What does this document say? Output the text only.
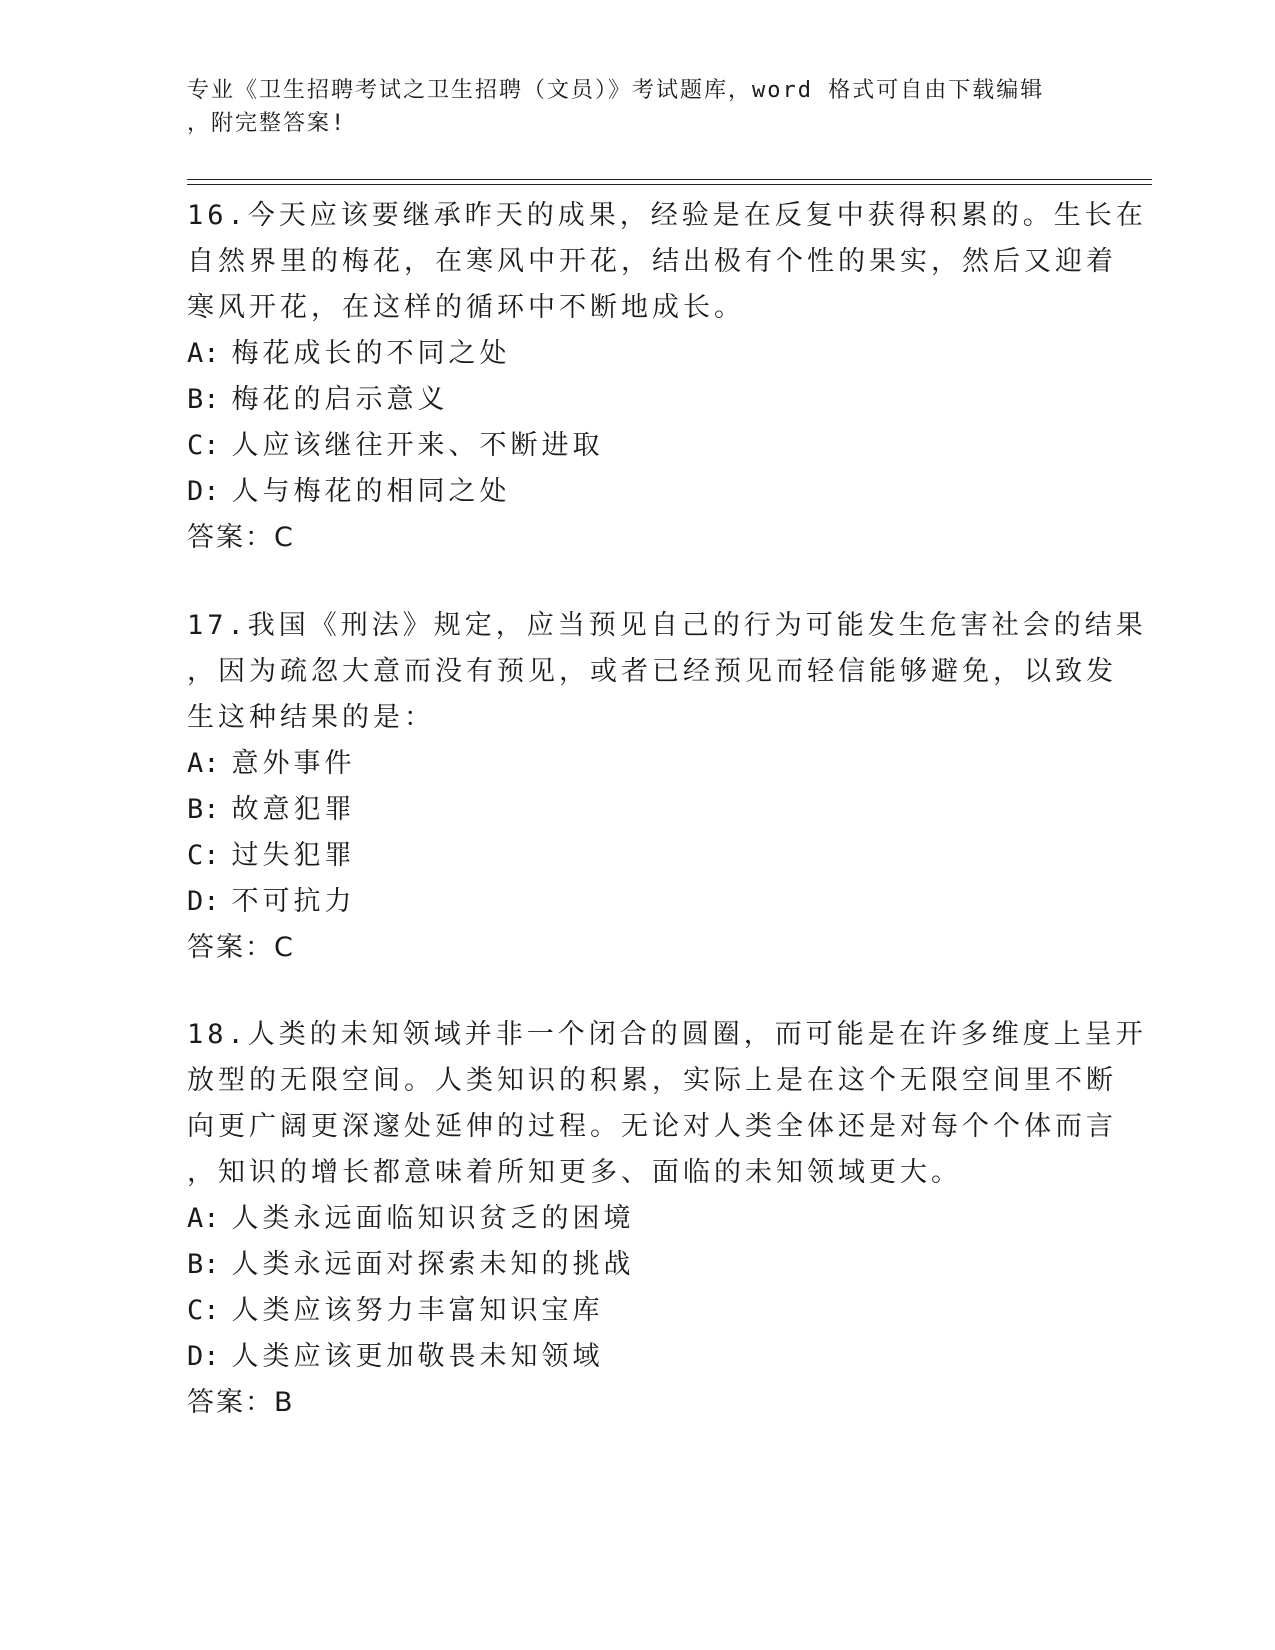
专业《卫生招聘考试之卫生招聘（文员）》考试题库，word 格式可自由下载编辑
，附完整答案!
16.今天应该要继承昨天的成果，经验是在反复中获得积累的。生长在
自然界里的梅花，在寒风中开花，结出极有个性的果实，然后又迎着
寒风开花，在这样的循环中不断地成长。
A: 梅花成长的不同之处
B: 梅花的启示意义
C: 人应该继往开来、不断进取
D: 人与梅花的相同之处
答案：C
17.我国《刑法》规定，应当预见自己的行为可能发生危害社会的结果
，因为疏忽大意而没有预见，或者已经预见而轻信能够避免，以致发
生这种结果的是：
A: 意外事件
B: 故意犯罪
C: 过失犯罪
D: 不可抗力
答案：C
18.人类的未知领域并非一个闭合的圆圈，而可能是在许多维度上呈开
放型的无限空间。人类知识的积累，实际上是在这个无限空间里不断
向更广阔更深邃处延伸的过程。无论对人类全体还是对每个个体而言
，知识的增长都意味着所知更多、面临的未知领域更大。
A: 人类永远面临知识贫乏的困境
B: 人类永远面对探索未知的挑战
C: 人类应该努力丰富知识宝库
D: 人类应该更加敬畏未知领域
答案：B
